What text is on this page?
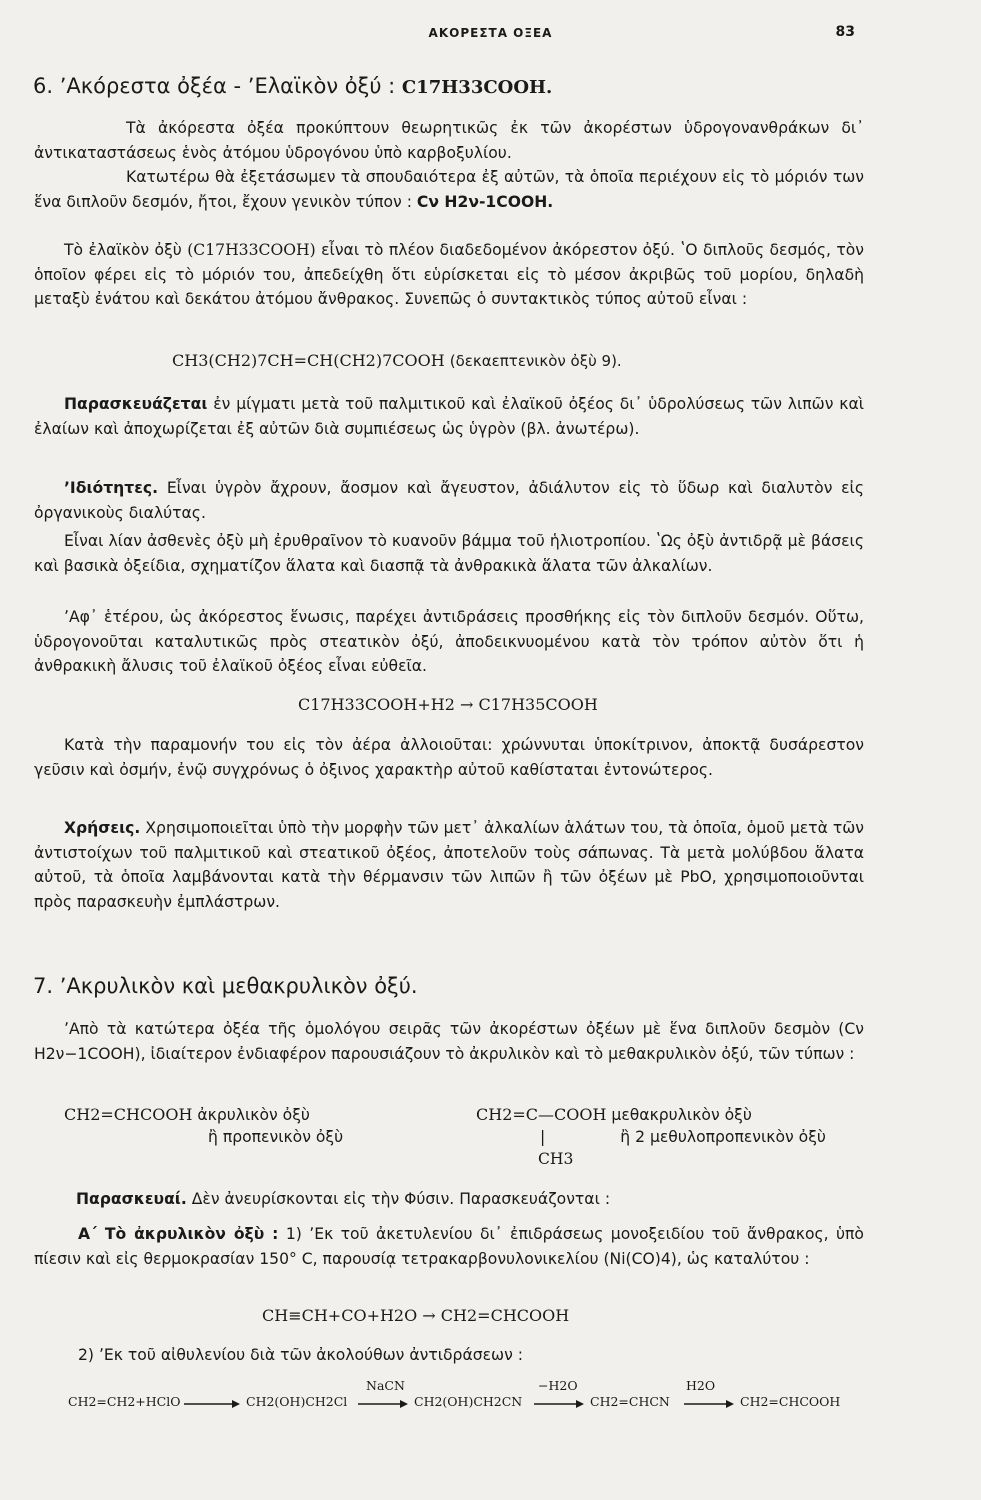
ΑΚΟΡΕΣΤΑ ΟΞΕΑ	83
6. ʼΑκόρεστα ὀξέα - ʼΕλαϊκὸν ὀξύ : C17H33COOH.
Τὰ ἀκόρεστα ὀξέα προκύπτουν θεωρητικῶς ἐκ τῶν ἀκορέστων ὑδρογονανθράκων δι᾿ ἀντικαταστάσεως ἑνὸς ἀτόμου ὑδρογόνου ὑπὸ καρβοξυλίου.
Κατωτέρω θὰ ἐξετάσωμεν τὰ σπουδαιότερα ἐξ αὐτῶν, τὰ ὁποῖα περιέχουν εἰς τὸ μόριόν των ἕνα διπλοῦν δεσμόν, ἤτοι, ἔχουν γενικὸν τύπον : Cν H2ν-1COOH.
Τὸ ἐλαϊκὸν ὀξὺ (C17H33COOH) εἶναι τὸ πλέον διαδεδομένον ἀκόρεστον ὀξύ. ʽΟ διπλοῦς δεσμός, τὸν ὁποῖον φέρει εἰς τὸ μόριόν του, ἀπεδείχθη ὅτι εὑρίσκεται εἰς τὸ μέσον ἀκριβῶς τοῦ μορίου, δηλαδὴ μεταξὺ ἐνάτου καὶ δεκάτου ἀτόμου ἄνθρακος. Συνεπῶς ὁ συντακτικὸς τύπος αὐτοῦ εἶναι :
CH3(CH2)7CH=CH(CH2)7COOH (δεκαεπτενικὸν ὀξὺ 9).
Παρασκευάζεται ἐν μίγματι μετὰ τοῦ παλμιτικοῦ καὶ ἐλαϊκοῦ ὀξέος δι᾿ ὑδρολύσεως τῶν λιπῶν καὶ ἐλαίων καὶ ἀποχωρίζεται ἐξ αὐτῶν διὰ συμπιέσεως ὡς ὑγρὸν (βλ. ἀνωτέρω).
ʼΙδιότητες. Εἶναι ὑγρὸν ἄχρουν, ἄοσμον καὶ ἄγευστον, ἀδιάλυτον εἰς τὸ ὕδωρ καὶ διαλυτὸν εἰς ὀργανικοὺς διαλύτας.
Εἶναι λίαν ἀσθενὲς ὀξὺ μὴ ἐρυθραῖνον τὸ κυανοῦν βάμμα τοῦ ἡλιοτροπίου. ʽΩς ὀξὺ ἀντιδρᾷ μὲ βάσεις καὶ βασικὰ ὀξείδια, σχηματίζον ἅλατα καὶ διασπᾷ τὰ ἀνθρακικὰ ἅλατα τῶν ἀλκαλίων.
ʼΑφ᾿ ἑτέρου, ὡς ἀκόρεστος ἕνωσις, παρέχει ἀντιδράσεις προσθήκης εἰς τὸν διπλοῦν δεσμόν. Οὕτω, ὑδρογονοῦται καταλυτικῶς πρὸς στεατικὸν ὀξύ, ἀποδεικνυομένου κατὰ τὸν τρόπον αὐτὸν ὅτι ἡ ἀνθρακικὴ ἄλυσις τοῦ ἐλαϊκοῦ ὀξέος εἶναι εὐθεῖα.
C17H33COOH+H2 → C17H35COOH
Κατὰ τὴν παραμονήν του εἰς τὸν ἀέρα ἀλλοιοῦται: χρώννυται ὑποκίτρινον, ἀποκτᾷ δυσάρεστον γεῦσιν καὶ ὀσμήν, ἐνῷ συγχρόνως ὁ ὀξινος χαρακτὴρ αὐτοῦ καθίσταται ἐντονώτερος.
Χρήσεις. Χρησιμοποιεῖται ὑπὸ τὴν μορφὴν τῶν μετ᾿ ἀλκαλίων ἁλάτων του, τὰ ὁποῖα, ὁμοῦ μετὰ τῶν ἀντιστοίχων τοῦ παλμιτικοῦ καὶ στεατικοῦ ὀξέος, ἀποτελοῦν τοὺς σάπωνας. Τὰ μετὰ μολύβδου ἅλατα αὐτοῦ, τὰ ὁποῖα λαμβάνονται κατὰ τὴν θέρμανσιν τῶν λιπῶν ἢ τῶν ὀξέων μὲ PbO, χρησιμοποιοῦνται πρὸς παρασκευὴν ἐμπλάστρων.
7. ʼΑκρυλικὸν καὶ μεθακρυλικὸν ὀξύ.
ʼΑπὸ τὰ κατώτερα ὀξέα τῆς ὁμολόγου σειρᾶς τῶν ἀκορέστων ὀξέων μὲ ἕνα διπλοῦν δεσμὸν (Cν H2ν−1COOH), ἰδιαίτερον ἐνδιαφέρον παρουσιάζουν τὸ ἀκρυλικὸν καὶ τὸ μεθακρυλικὸν ὀξύ, τῶν τύπων :
CH2=CHCOOH ἀκρυλικὸν ὀξὺ
ἢ προπενικὸν ὀξὺ
CH2=C—COOH μεθακρυλικὸν ὀξὺ
|	ἢ 2 μεθυλοπροπενικὸν ὀξὺ
CH3
Παρασκευαί. Δὲν ἀνευρίσκονται εἰς τὴν Φύσιν. Παρασκευάζονται :
Α΄ Τὸ ἀκρυλικὸν ὀξὺ : 1) ʼΕκ τοῦ ἀκετυλενίου δι᾿ ἐπιδράσεως μονοξειδίου τοῦ ἄνθρακος, ὑπὸ πίεσιν καὶ εἰς θερμοκρασίαν 150° C, παρουσίᾳ τετρακαρβονυλονικελίου (Ni(CO)4), ὡς καταλύτου :
CH≡CH+CO+H2O → CH2=CHCOOH
2) ʼΕκ τοῦ αἰθυλενίου διὰ τῶν ἀκολούθων ἀντιδράσεων :
CH2=CH2+HClO	CH2(OH)CH2Cl
NaCN
CH2(OH)CH2CN
−H2O
CH2=CHCN
H2O
CH2=CHCOOH
